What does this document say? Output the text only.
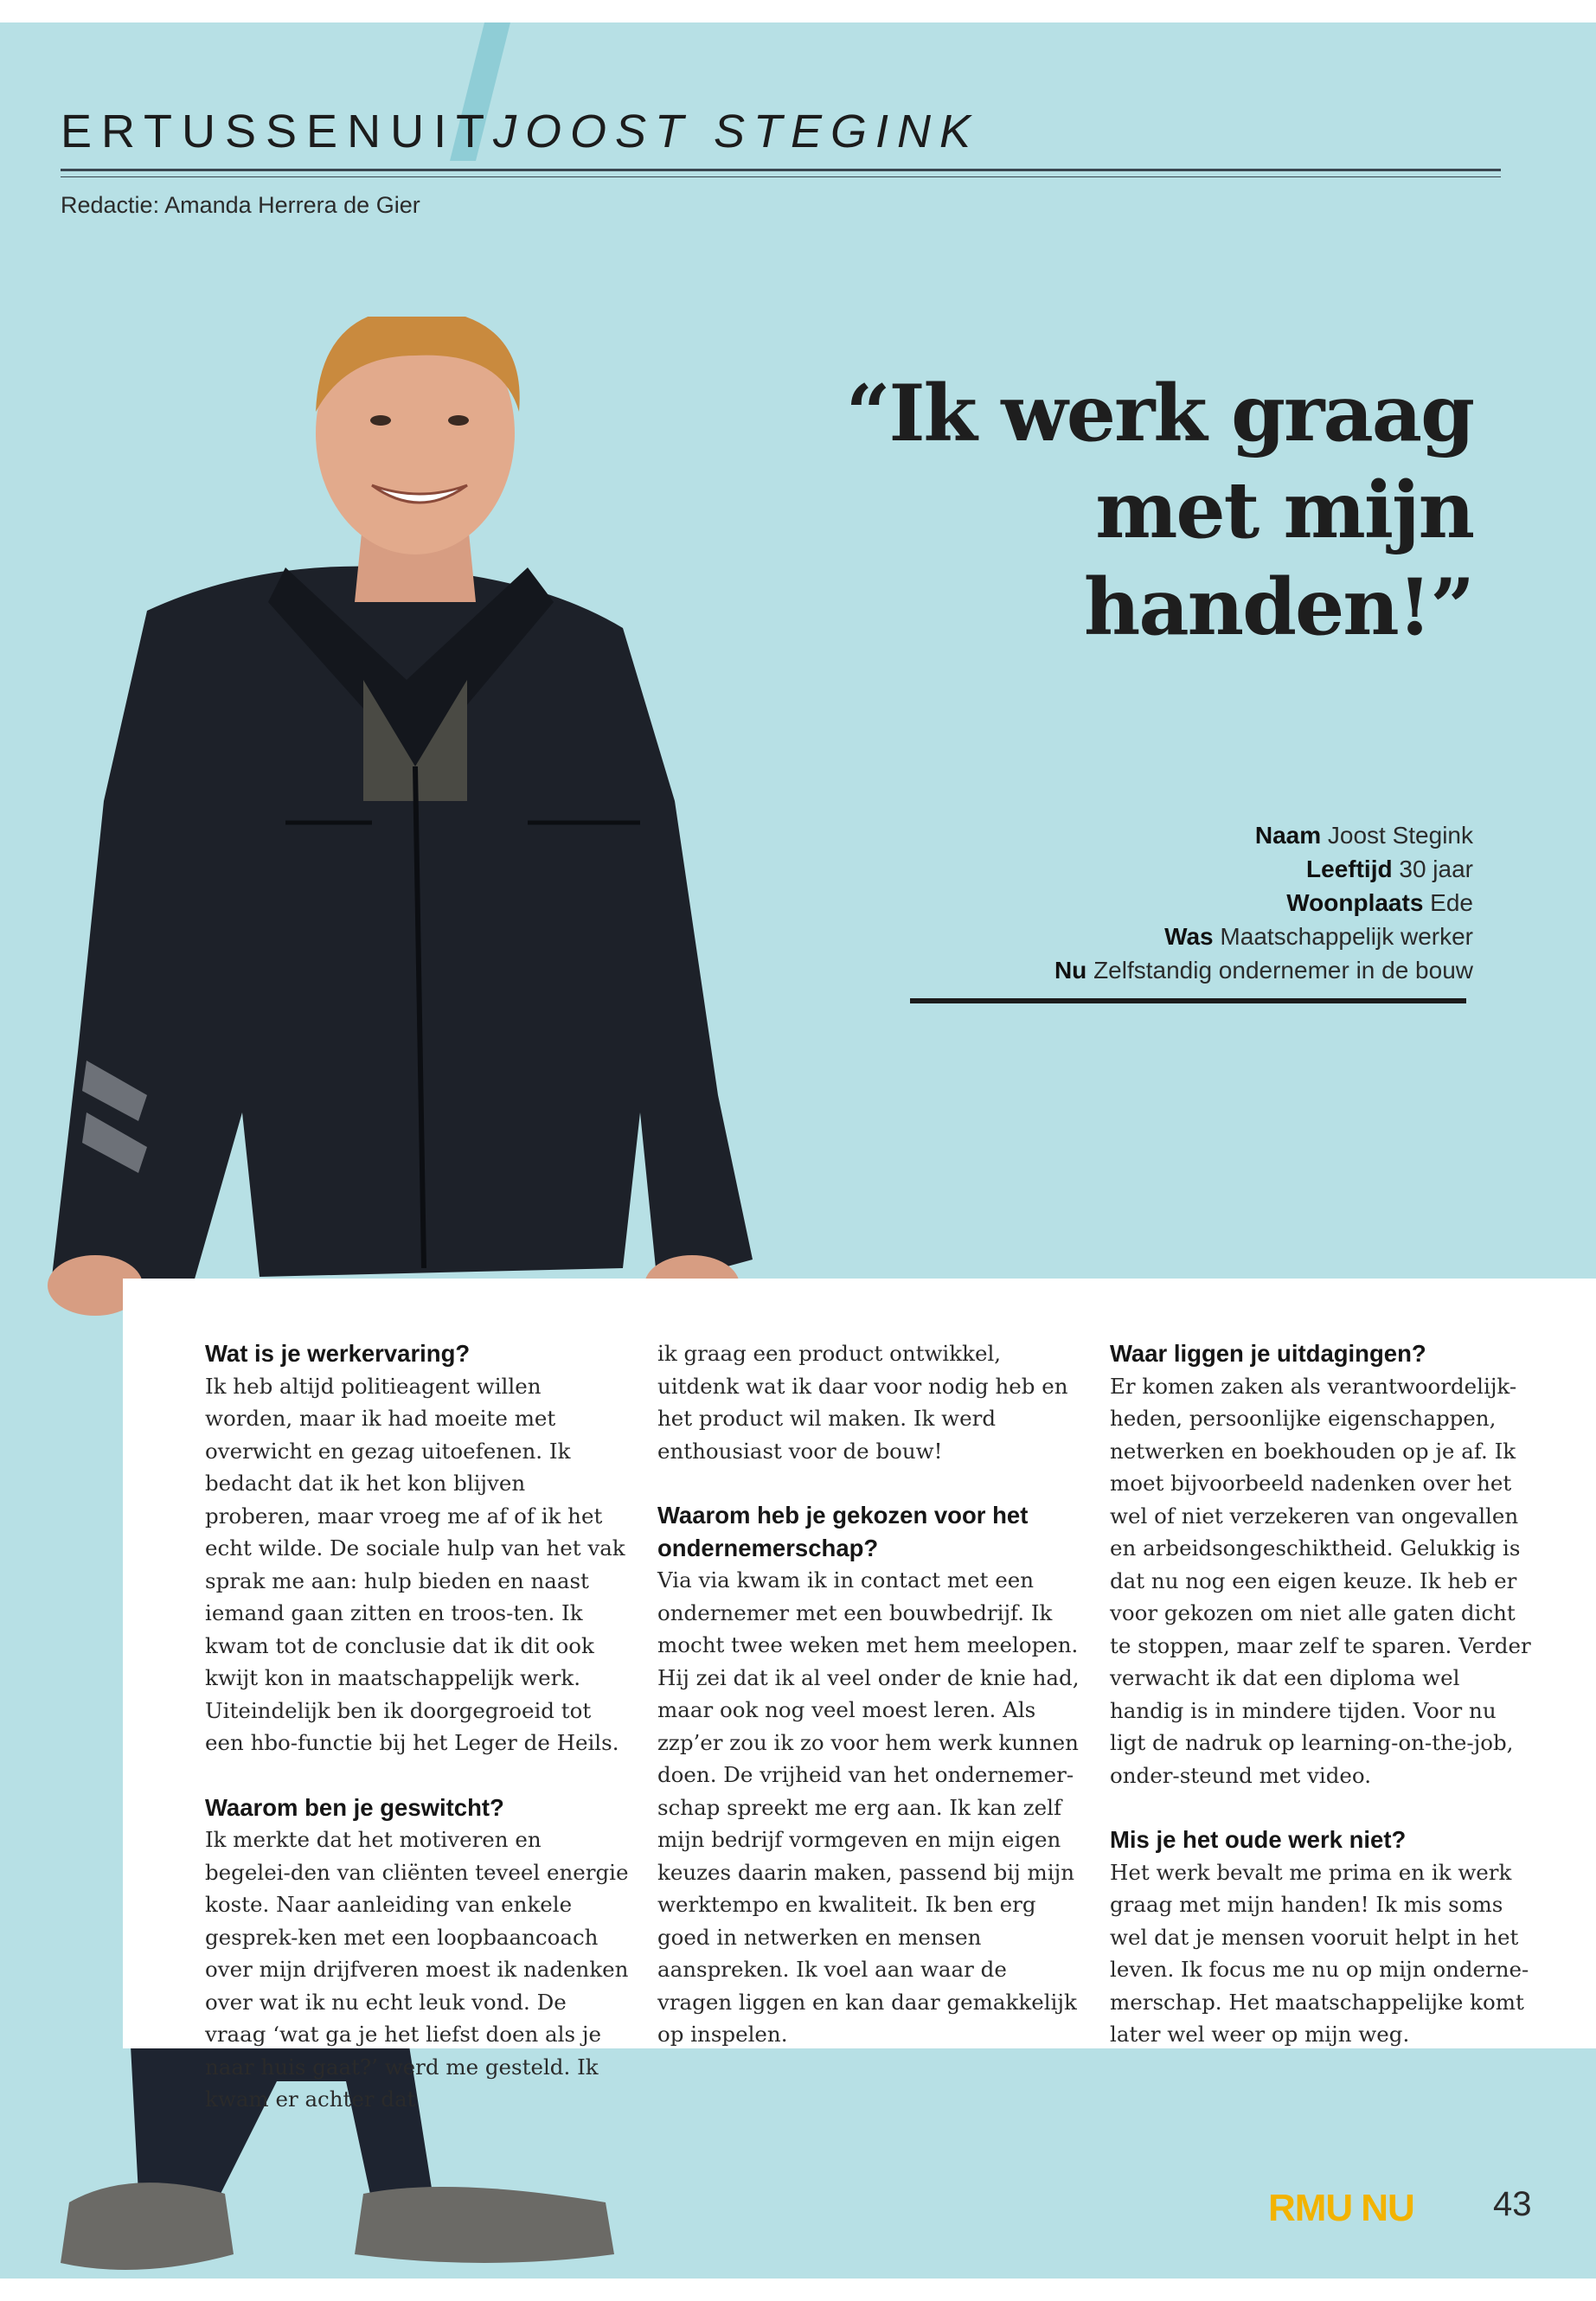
ERTUSSENUIT
JOOST STEGINK
Redactie: Amanda Herrera de Gier
“Ik werk graag
met mijn handen!”
Naam Joost Stegink
Leeftijd 30 jaar
Woonplaats Ede
Was Maatschappelijk werker
Nu Zelfstandig ondernemer in de bouw
Wat is je werkervaring?

Ik heb altijd politieagent willen worden, maar ik had moeite met overwicht en gezag uitoefenen. Ik bedacht dat ik het kon blijven proberen, maar vroeg me af of ik het echt wilde. De sociale hulp van het vak sprak me aan: hulp bieden en naast iemand gaan zitten en troos-ten. Ik kwam tot de conclusie dat ik dit ook kwijt kon in maatschappelijk werk. Uiteindelijk ben ik doorgegroeid tot een hbo-functie bij het Leger de Heils.

Waarom ben je geswitcht?

Ik merkte dat het motiveren en begelei-den van cliënten teveel energie koste. Naar aanleiding van enkele gesprek-ken met een loopbaancoach over mijn drijfveren moest ik nadenken over wat ik nu echt leuk vond. De vraag ‘wat ga je het liefst doen als je naar huis gaat?’ werd me gesteld. Ik kwam er achter dat

ik graag een product ontwikkel, uitdenk wat ik daar voor nodig heb en het product wil maken. Ik werd enthousiast voor de bouw!

Waarom heb je gekozen voor het ondernemerschap?

Via via kwam ik in contact met een ondernemer met een bouwbedrijf. Ik mocht twee weken met hem meelopen. Hij zei dat ik al veel onder de knie had, maar ook nog veel moest leren. Als zzp’er zou ik zo voor hem werk kunnen doen. De vrijheid van het ondernemer-schap spreekt me erg aan. Ik kan zelf mijn bedrijf vormgeven en mijn eigen keuzes daarin maken, passend bij mijn werktempo en kwaliteit. Ik ben erg goed in netwerken en mensen aanspreken. Ik voel aan waar de vragen liggen en kan daar gemakkelijk op inspelen.

Waar liggen je uitdagingen?

Er komen zaken als verantwoordelijk-heden, persoonlijke eigenschappen, netwerken en boekhouden op je af. Ik moet bijvoorbeeld nadenken over het wel of niet verzekeren van ongevallen en arbeidsongeschiktheid. Gelukkig is dat nu nog een eigen keuze. Ik heb er voor gekozen om niet alle gaten dicht te stoppen, maar zelf te sparen. Verder verwacht ik dat een diploma wel handig is in mindere tijden. Voor nu ligt de nadruk op learning-on-the-job, onder-steund met video.

Mis je het oude werk niet?

Het werk bevalt me prima en ik werk graag met mijn handen! Ik mis soms wel dat je mensen vooruit helpt in het leven. Ik focus me nu op mijn onderne-merschap. Het maatschappelijke komt later wel weer op mijn weg.

RMU NU 43
